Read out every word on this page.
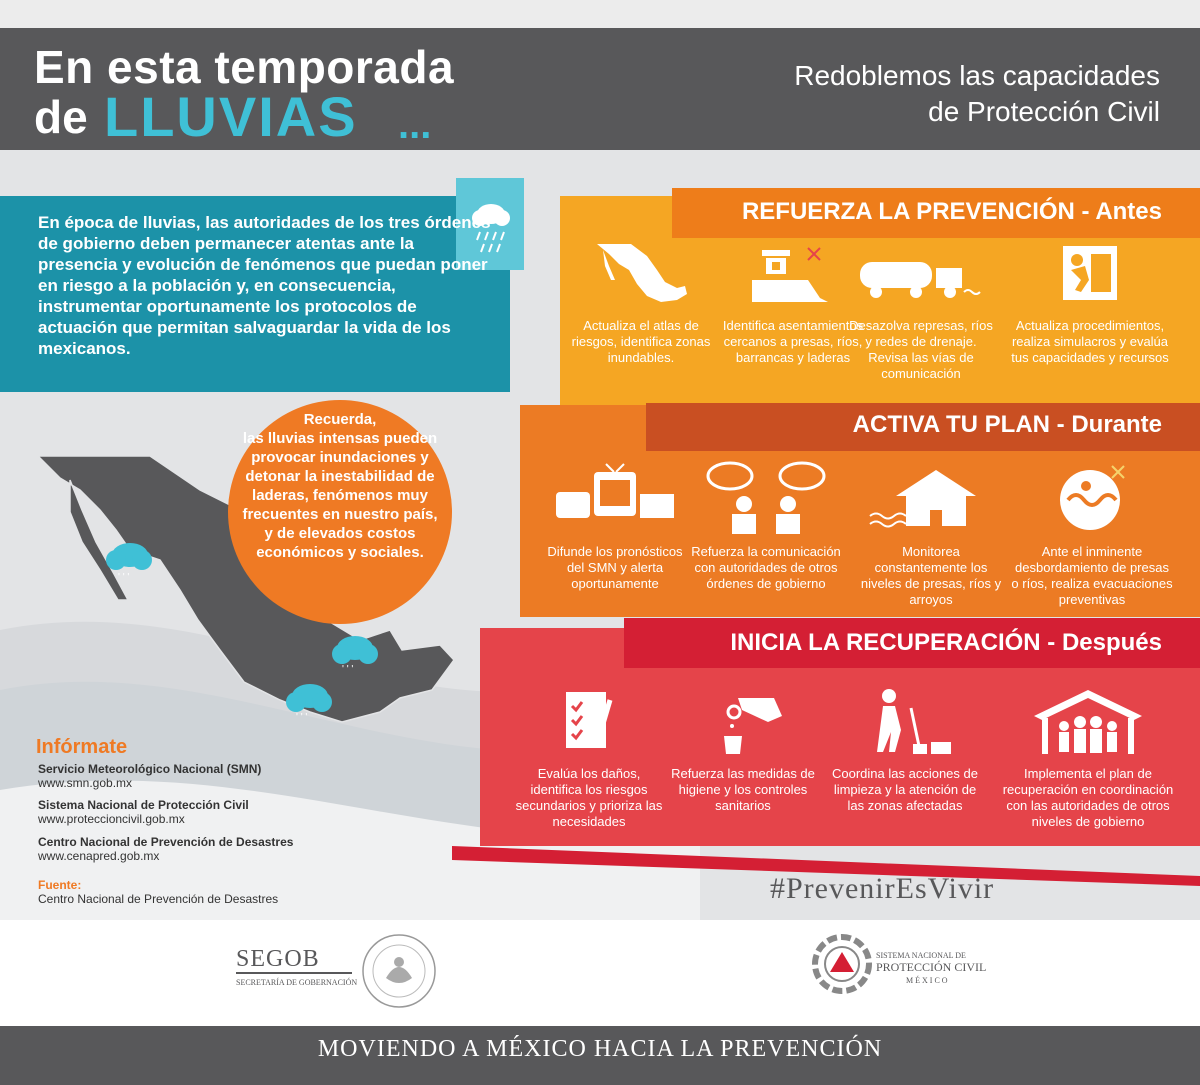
En esta temporada
de LLUVIAS ...
Redoblemos las capacidades
de Protección Civil
' ' '
' ' '
' ' '
En época de lluvias, las autoridades de los tres órdenes de gobierno deben permanecer atentas ante la presencia y evolución de fenómenos que puedan poner en riesgo a la población y, en consecuencia, instrumentar oportunamente los protocolos de actuación que permitan salvaguardar la vida de los mexicanos.
Recuerda,
las lluvias intensas pueden provocar inundaciones y detonar la inestabilidad de laderas, fenómenos muy frecuentes en nuestro país, y de elevados costos económicos y sociales.
REFUERZA LA PREVENCIÓN - Antes
Actualiza el atlas de riesgos, identifica zonas inundables.
Identifica asentamientos cercanos a presas, ríos, barrancas y laderas
Desazolva represas, ríos y redes de drenaje. Revisa las vías de comunicación
Actualiza procedimientos, realiza simulacros y evalúa tus capacidades y recursos
ACTIVA TU PLAN - Durante
Difunde los pronósticos del SMN y alerta oportunamente
Refuerza la comunicación con autoridades de otros órdenes de gobierno
Monitorea constantemente los niveles de presas, ríos y arroyos
Ante el inminente desbordamiento de presas o ríos, realiza evacuaciones preventivas
INICIA LA RECUPERACIÓN - Después
Evalúa los daños, identifica los riesgos secundarios y prioriza las necesidades
Refuerza las medidas de higiene y los controles sanitarios
Coordina las acciones de limpieza y la atención de las zonas afectadas
Implementa el plan de recuperación en coordinación con las autoridades de otros niveles de gobierno
#PrevenirEsVivir
Infórmate
Servicio Meteorológico Nacional (SMN)
www.smn.gob.mx
Sistema Nacional de Protección Civil
www.proteccioncivil.gob.mx
Centro Nacional de Prevención de Desastres
www.cenapred.gob.mx
Fuente:
Centro Nacional de Prevención de Desastres
SEGOB
SECRETARÍA DE GOBERNACIÓN
SISTEMA NACIONAL DE
PROTECCIÓN CIVIL
MÉXICO
MOVIENDO A MÉXICO HACIA LA PREVENCIÓN
